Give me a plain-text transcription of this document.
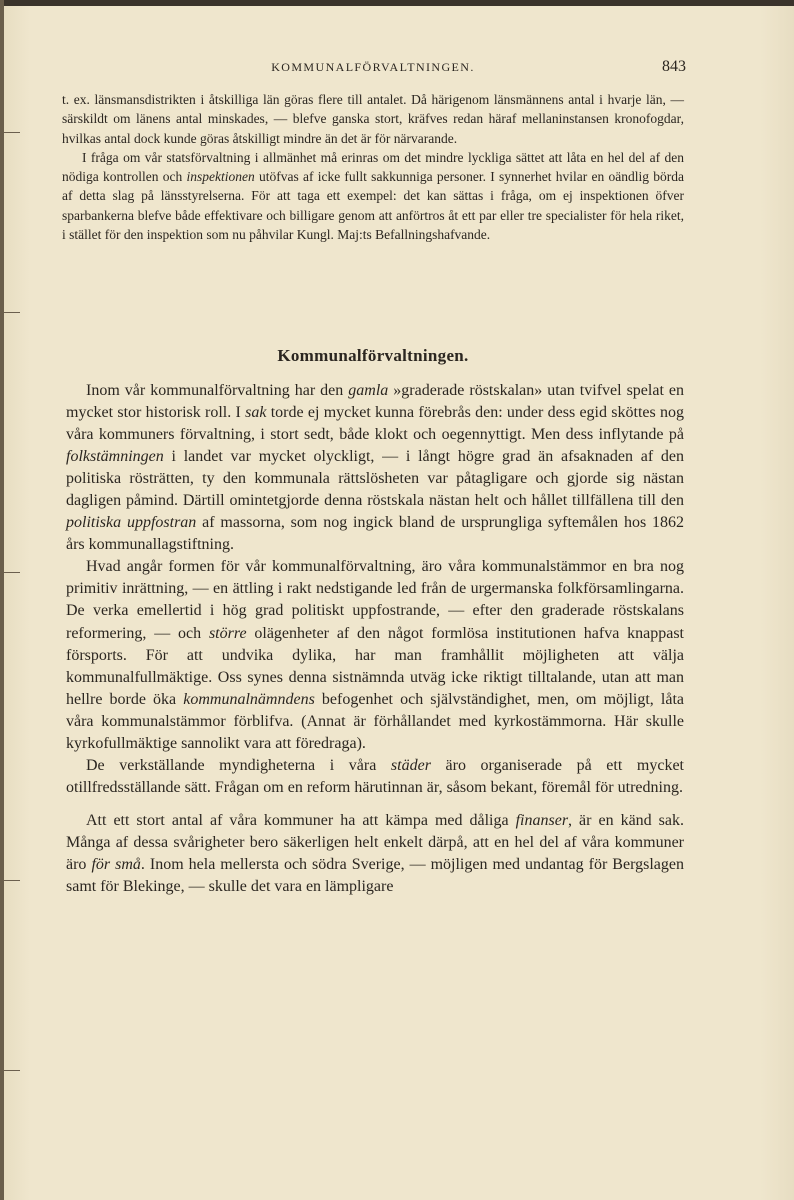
KOMMUNALFÖRVALTNINGEN.	843

t. ex. länsmansdistrikten i åtskilliga län göras flere till antalet. Då härigenom länsmännens antal i hvarje län, — särskildt om länens antal minskades, — blefve ganska stort, kräfves redan häraf mellaninstansen kronofogdar, hvilkas antal dock kunde göras åtskilligt mindre än det är för närvarande.

I fråga om vår statsförvaltning i allmänhet må erinras om det mindre lyckliga sättet att låta en hel del af den nödiga kontrollen och inspektionen utöfvas af icke fullt sakkunniga personer. I synnerhet hvilar en oändlig börda af detta slag på länsstyrelserna. För att taga ett exempel: det kan sättas i fråga, om ej inspektionen öfver sparbankerna blefve både effektivare och billigare genom att anförtros åt ett par eller tre specialister för hela riket, i stället för den inspektion som nu påhvilar Kungl. Maj:ts Befallningshafvande.

Kommunalförvaltningen.

Inom vår kommunalförvaltning har den gamla »graderade röstskalan» utan tvifvel spelat en mycket stor historisk roll. I sak torde ej mycket kunna förebrås den: under dess egid sköttes nog våra kommuners förvaltning, i stort sedt, både klokt och oegennyttigt. Men dess inflytande på folkstämningen i landet var mycket olyckligt, — i långt högre grad än afsaknaden af den politiska rösträtten, ty den kommunala rättslösheten var påtagligare och gjorde sig nästan dagligen påmind. Därtill omintetgjorde denna röstskala nästan helt och hållet tillfällena till den politiska uppfostran af massorna, som nog ingick bland de ursprungliga syftemålen hos 1862 års kommunallagstiftning.

Hvad angår formen för vår kommunalförvaltning, äro våra kommunalstämmor en bra nog primitiv inrättning, — en ättling i rakt nedstigande led från de urgermanska folkförsamlingarna. De verka emellertid i hög grad politiskt uppfostrande, — efter den graderade röstskalans reformering, — och större olägenheter af den något formlösa institutionen hafva knappast försports. För att undvika dylika, har man framhållit möjligheten att välja kommunalfullmäktige. Oss synes denna sistnämnda utväg icke riktigt tilltalande, utan att man hellre borde öka kommunalnämndens befogenhet och självständighet, men, om möjligt, låta våra kommunalstämmor förblifva. (Annat är förhållandet med kyrkostämmorna. Här skulle kyrkofullmäktige sannolikt vara att föredraga).

De verkställande myndigheterna i våra städer äro organiserade på ett mycket otillfredsställande sätt. Frågan om en reform härutinnan är, såsom bekant, föremål för utredning.

Att ett stort antal af våra kommuner ha att kämpa med dåliga finanser, är en känd sak. Många af dessa svårigheter bero säkerligen helt enkelt därpå, att en hel del af våra kommuner äro för små. Inom hela mellersta och södra Sverige, — möjligen med undantag för Bergslagen samt för Blekinge, — skulle det vara en lämpligare
